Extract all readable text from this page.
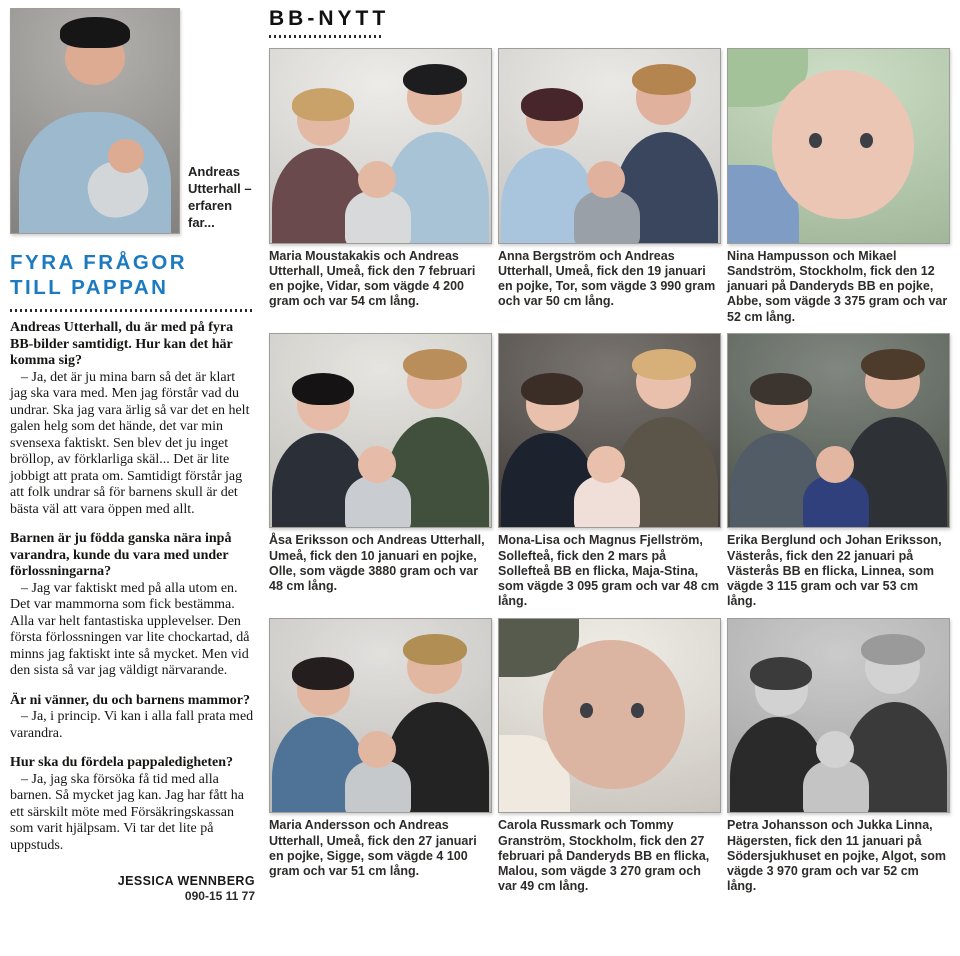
Andreas Utterhall – erfaren far...
FYRA FRÅGOR
TILL PAPPAN

Andreas Utterhall, du är med på fyra BB-bilder samtidigt. Hur kan det här komma sig?

– Ja, det är ju mina barn så det är klart jag ska vara med. Men jag förstår vad du undrar. Ska jag vara ärlig så var det en helt galen helg som det hände, det var min svensexa faktiskt. Sen blev det ju inget bröllop, av förklarliga skäl... Det är lite jobbigt att prata om. Samtidigt förstår jag att folk undrar så för barnens skull är det bästa väl att vara öppen med allt.

Barnen är ju födda ganska nära inpå varandra, kunde du vara med under förlossningarna?

– Jag var faktiskt med på alla utom en. Det var mammorna som fick bestämma. Alla var helt fantastiska upplevelser. Den första förlossningen var lite chockartad, då minns jag faktiskt inte så mycket. Men vid den sista så var jag väldigt närvarande.

Är ni vänner, du och barnens mammor?

– Ja, i princip. Vi kan i alla fall prata med varandra.

Hur ska du fördela pappaledigheten?

– Ja, jag ska försöka få tid med alla barnen. Så mycket jag kan. Jag har fått ha ett särskilt möte med Försäkringskassan som varit hjälpsam. Vi tar det lite på uppstuds.

JESSICA WENNBERG
090-15 11 77
BB-NYTT
Maria Moustakakis och Andreas Utterhall, Umeå, fick den 7 februari en pojke, Vidar, som vägde 4 200 gram och var 54 cm lång.
Anna Bergström och Andreas Utterhall, Umeå, fick den 19 januari en pojke, Tor, som vägde 3 990 gram och var 50 cm lång.
Nina Hampusson och Mikael Sandström, Stockholm, fick den 12 januari på Danderyds BB en pojke, Abbe, som vägde 3 375 gram och var 52 cm lång.
Åsa Eriksson och Andreas Utterhall, Umeå, fick den 10 januari en pojke, Olle, som vägde 3880 gram och var 48 cm lång.
Mona-Lisa och Magnus Fjellström, Sollefteå, fick den 2 mars på Sollefteå BB en flicka, Maja-Stina, som vägde 3 095 gram och var 48 cm lång.
Erika Berglund och Johan Eriksson, Västerås, fick den 22 januari på Västerås BB en flicka, Linnea, som vägde 3 115 gram och var 53 cm lång.
Maria Andersson och Andreas Utterhall, Umeå, fick den 27 januari en pojke, Sigge, som vägde 4 100 gram och var 51 cm lång.
Carola Russmark och Tommy Granström, Stockholm, fick den 27 februari på Danderyds BB en flicka, Malou, som vägde 3 270 gram och var 49 cm lång.
Petra Johansson och Jukka Linna, Hägersten, fick den 11 januari på Södersjukhuset en pojke, Algot, som vägde 3 970 gram och var 52 cm lång.
